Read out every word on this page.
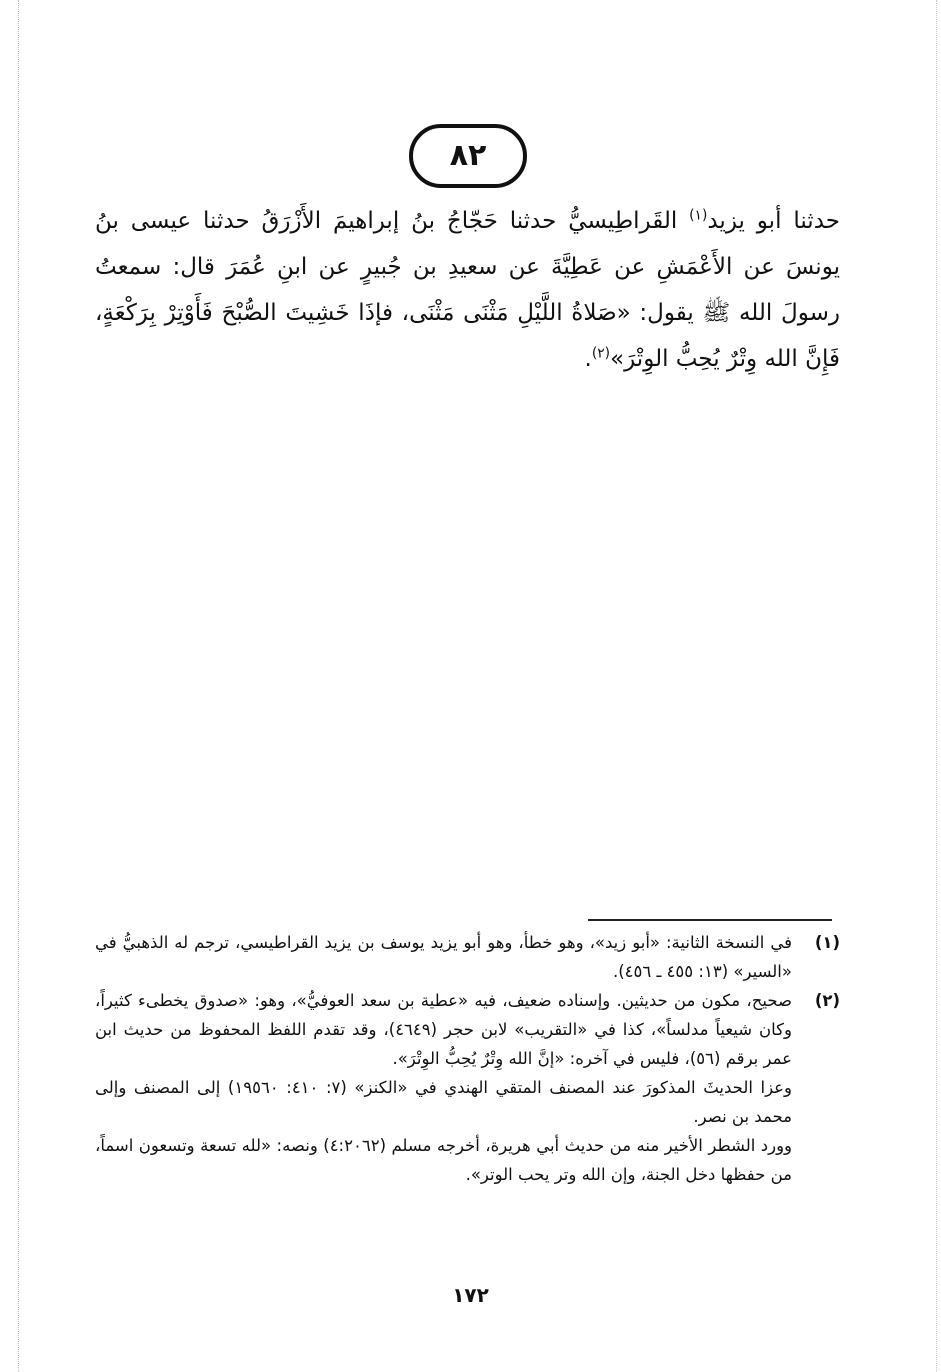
٨٢
حدثنا أبو يزيد$^{(١)}$ القَراطِيسيُّ حدثنا حَجّاجُ بنُ إبراهيمَ الأَزْرَقُ حدثنا عيسى بنُ يونسَ عن الأَعْمَشِ عن عَطِيَّةَ عن سعيدِ بن جُبيرٍ عن ابنِ عُمَرَ قال: سمعتُ رسولَ الله ﷺ يقول: «صَلاةُ اللَّيْلِ مَثْنَى مَثْنَى، فإذَا خَشِيتَ الصُّبْحَ فَأَوْتِرْ بِرَكْعَةٍ، فَإِنَّ الله وِتْرٌ يُحِبُّ الوِتْرَ»$^{(٢)}$.
(١)

في النسخة الثانية: «أبو زيد»، وهو خطأ، وهو أبو يزيد يوسف بن يزيد القراطيسي، ترجم له الذهبيُّ في «السير» (١٣: ٤٥٥ ـ ٤٥٦).

(٢)

صحيح، مكون من حديثين. وإسناده ضعيف، فيه «عطية بن سعد العوفيُّ»، وهو: «صدوق يخطىء كثيراً، وكان شيعياً مدلساً»، كذا في «التقريب» لابن حجر (٤٦٤٩)، وقد تقدم اللفظ المحفوظ من حديث ابن عمر برقم (٥٦)، فليس في آخره: «إنَّ الله وِتْرٌ يُحِبُّ الوِتْرَ».

وعزا الحديثَ المذكورَ عند المصنف المتقي الهندي في «الكنز» (٧: ٤١٠: ١٩٥٦٠) إلى المصنف وإلى محمد بن نصر.

وورد الشطر الأخير منه من حديث أبي هريرة، أخرجه مسلم (٤:٢٠٦٢) ونصه: «لله تسعة وتسعون اسماً، من حفظها دخل الجنة، وإن الله وتر يحب الوتر».

١٧٢
